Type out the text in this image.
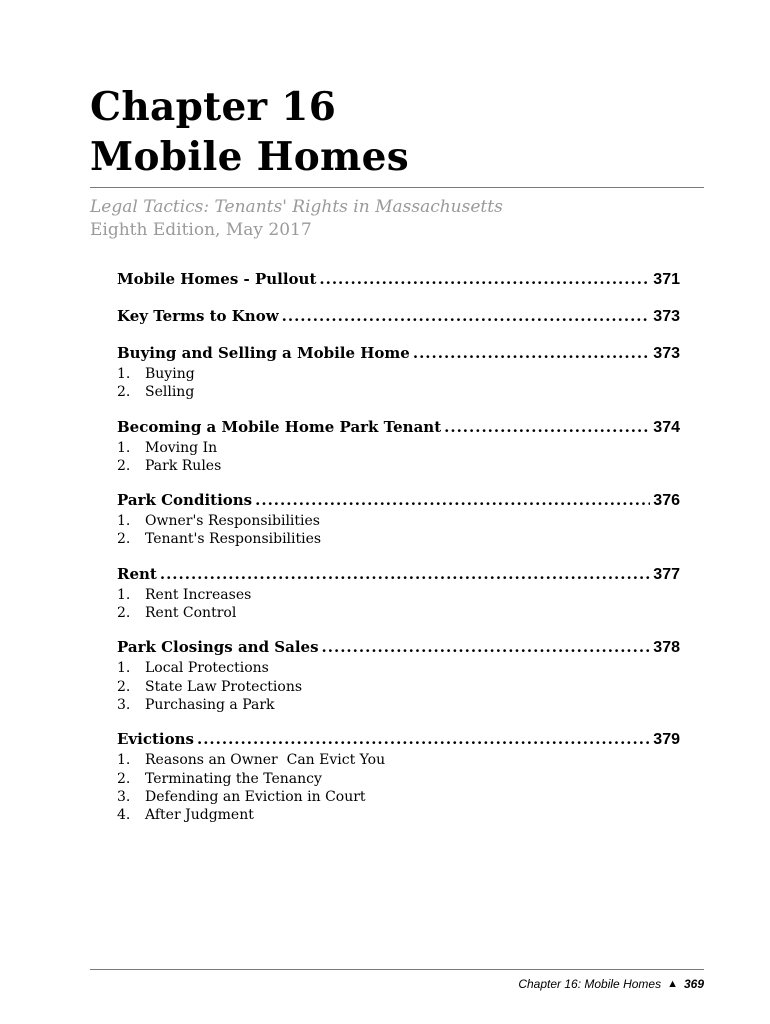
Chapter 16
Mobile Homes
Legal Tactics: Tenants' Rights in Massachusetts
Eighth Edition, May 2017
Mobile Homes - Pullout .....	371
Key Terms to Know .....	373
Buying and Selling a Mobile Home .....	373
1.	Buying
2.	Selling
Becoming a Mobile Home Park Tenant .....	374
1.	Moving In
2.	Park Rules
Park Conditions .....	376
1.	Owner's Responsibilities
2.	Tenant's Responsibilities
Rent .....	377
1.	Rent Increases
2.	Rent Control
Park Closings and Sales .....	378
1.	Local Protections
2.	State Law Protections
3.	Purchasing a Park
Evictions .....	379
1.	Reasons an Owner  Can Evict You
2.	Terminating the Tenancy
3.	Defending an Eviction in Court
4.	After Judgment
Chapter 16: Mobile Homes ▲ 369
